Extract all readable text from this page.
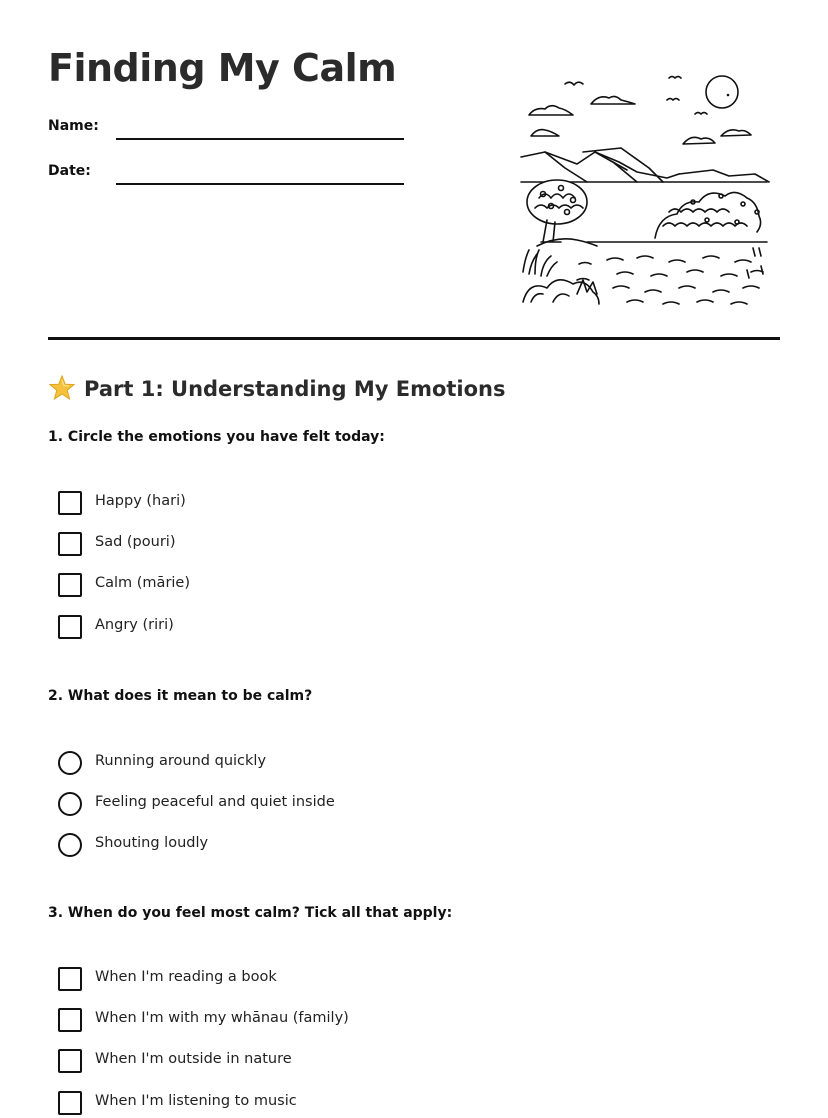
Finding My Calm
Name:
Date:
Part 1: Understanding My Emotions

1. Circle the emotions you have felt today:

Happy (hari)
Sad (pouri)
Calm (mārie)
Angry (riri)

2. What does it mean to be calm?

Running around quickly
Feeling peaceful and quiet inside
Shouting loudly

3. When do you feel most calm? Tick all that apply:

When I'm reading a book
When I'm with my whānau (family)
When I'm outside in nature
When I'm listening to music
